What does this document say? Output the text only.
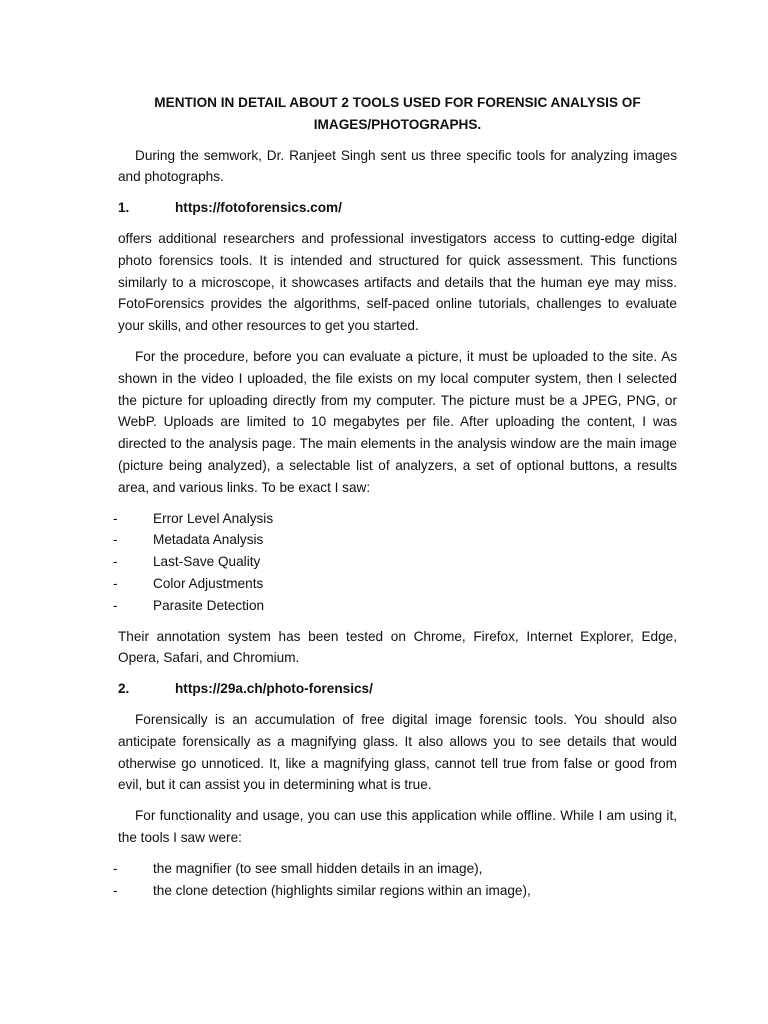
MENTION IN DETAIL ABOUT 2 TOOLS USED FOR FORENSIC ANALYSIS OF
IMAGES/PHOTOGRAPHS.

During the semwork, Dr. Ranjeet Singh sent us three specific tools for analyzing images and photographs.

1.	https://fotoforensics.com/

offers additional researchers and professional investigators access to cutting-edge digital photo forensics tools. It is intended and structured for quick assessment. This functions similarly to a microscope, it showcases artifacts and details that the human eye may miss. FotoForensics provides the algorithms, self-paced online tutorials, challenges to evaluate your skills, and other resources to get you started.

For the procedure, before you can evaluate a picture, it must be uploaded to the site. As shown in the video I uploaded, the file exists on my local computer system, then I selected the picture for uploading directly from my computer. The picture must be a JPEG, PNG, or WebP. Uploads are limited to 10 megabytes per file. After uploading the content, I was directed to the analysis page. The main elements in the analysis window are the main image (picture being analyzed), a selectable list of analyzers, a set of optional buttons, a results area, and various links. To be exact I saw:

-	Error Level Analysis
-	Metadata Analysis
-	Last-Save Quality
-	Color Adjustments
-	Parasite Detection

Their annotation system has been tested on Chrome, Firefox, Internet Explorer, Edge, Opera, Safari, and Chromium.

2.	https://29a.ch/photo-forensics/

Forensically is an accumulation of free digital image forensic tools. You should also anticipate forensically as a magnifying glass. It also allows you to see details that would otherwise go unnoticed. It, like a magnifying glass, cannot tell true from false or good from evil, but it can assist you in determining what is true.

For functionality and usage, you can use this application while offline. While I am using it, the tools I saw were:

-	the magnifier (to see small hidden details in an image),
-	the clone detection (highlights similar regions within an image),
